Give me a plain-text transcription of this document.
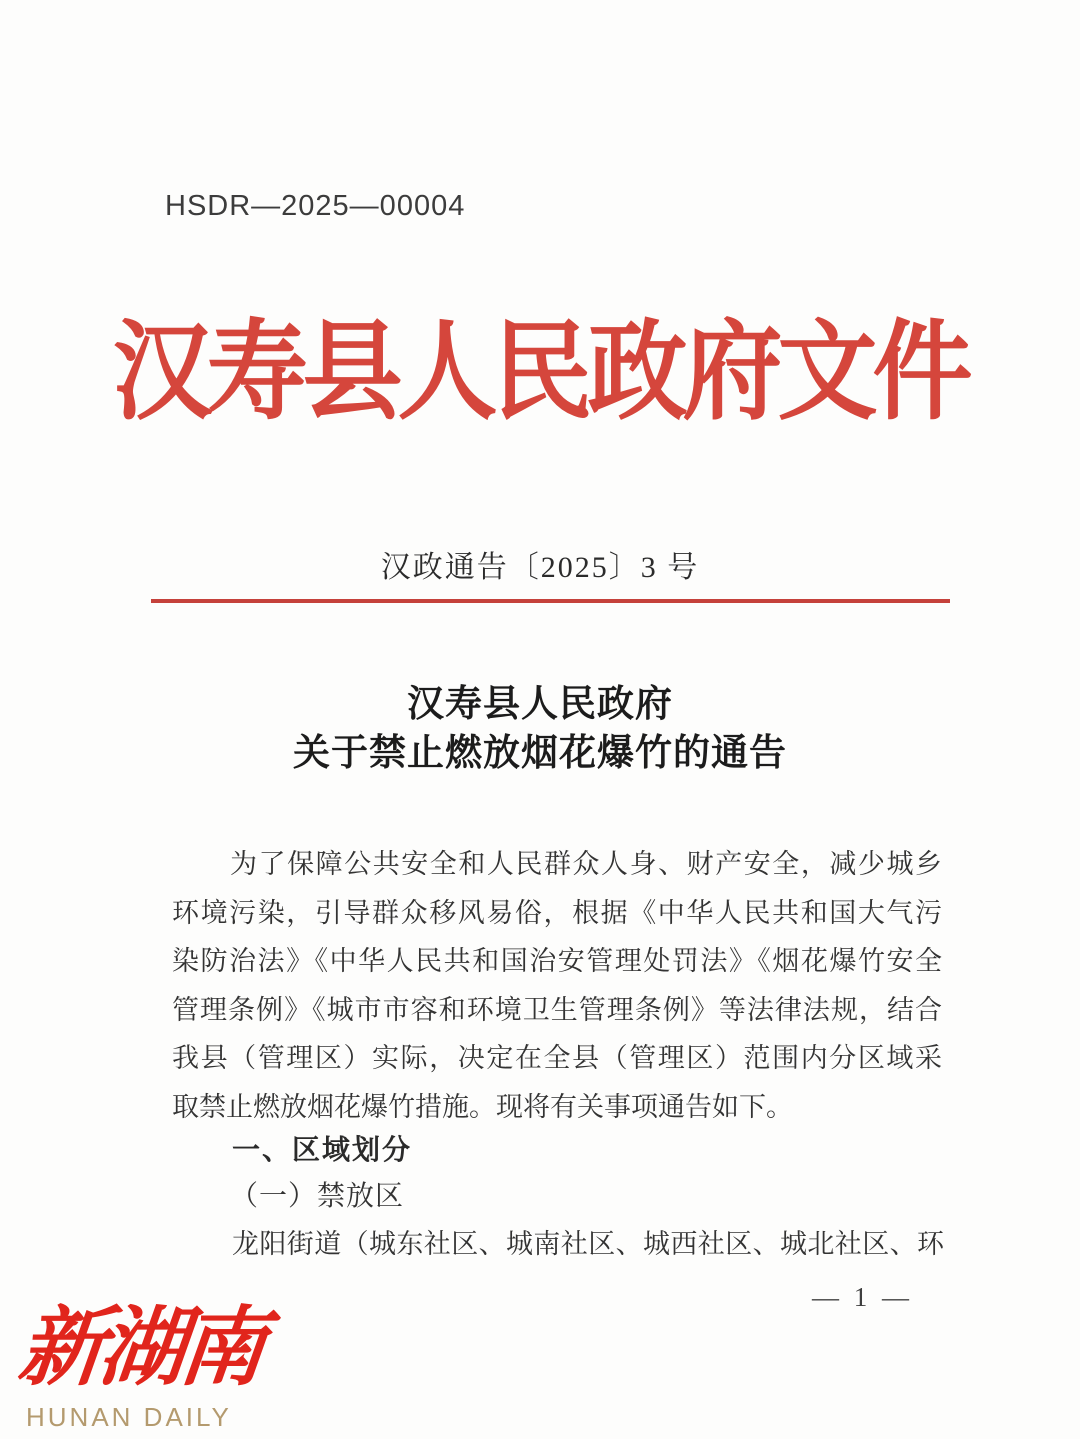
HSDR—2025—00004
汉寿县人民政府文件
汉政通告〔2025〕3 号
汉寿县人民政府
关于禁止燃放烟花爆竹的通告
为了保障公共安全和人民群众人身、财产安全，减少城乡
环境污染，引导群众移风易俗，根据《中华人民共和国大气污
染防治法》《中华人民共和国治安管理处罚法》《烟花爆竹安全
管理条例》《城市市容和环境卫生管理条例》等法律法规，结合
我县（管理区）实际，决定在全县（管理区）范围内分区域采
取禁止燃放烟花爆竹措施。现将有关事项通告如下。
一、区域划分
（一）禁放区
龙阳街道（城东社区、城南社区、城西社区、城北社区、环
— 1 —
新湖南
HUNAN DAILY
